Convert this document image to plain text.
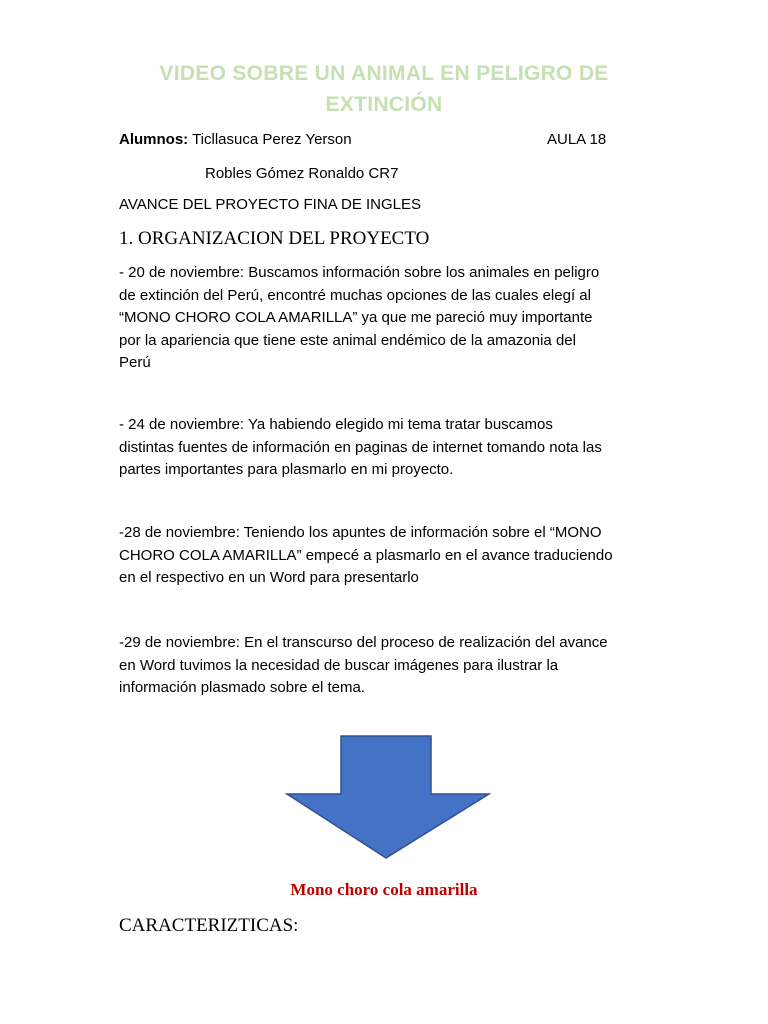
VIDEO SOBRE UN ANIMAL EN PELIGRO DE
EXTINCIÓN
Alumnos: Ticllasuca Perez Yerson	AULA 18
Robles Gómez Ronaldo CR7
AVANCE DEL PROYECTO FINA DE INGLES
1. ORGANIZACION DEL PROYECTO
- 20 de noviembre: Buscamos información sobre los animales en peligro
de extinción del Perú, encontré muchas opciones de las cuales elegí al
“MONO CHORO COLA AMARILLA” ya que me pareció muy importante
por la apariencia que tiene este animal endémico de la amazonia del
Perú
- 24 de noviembre: Ya habiendo elegido mi tema tratar buscamos
distintas fuentes de información en paginas de internet tomando nota las
partes importantes para plasmarlo en mi proyecto.
-28 de noviembre: Teniendo los apuntes de información sobre el “MONO
CHORO COLA AMARILLA” empecé a plasmarlo en el avance traduciendo
en el respectivo en un Word para presentarlo
-29 de noviembre: En el transcurso del proceso de realización del avance
en Word tuvimos la necesidad de buscar imágenes para ilustrar la
información plasmado sobre el tema.
Mono choro cola amarilla
CARACTERIZTICAS:
